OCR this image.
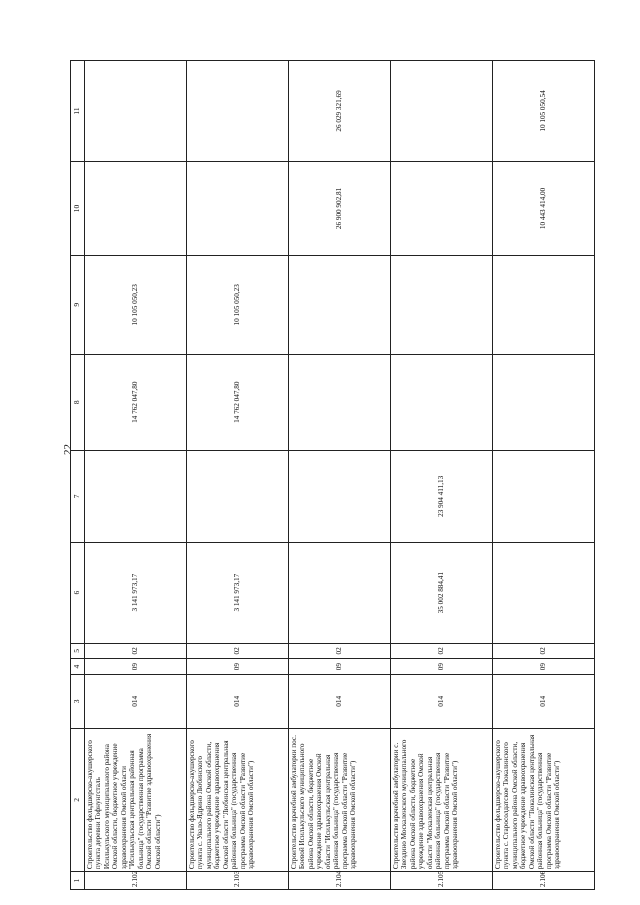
22
1	2	3	4	5	6	7	8	9	10	11
2.102	Строительство фельдшерско-акушерского пункта деревни Гофнунгсталь Исилькульского муниципального района Омской области, бюджетное учреждение здравоохранения Омской области "Исилькульская центральная районная больница" (государственная программа Омской области "Развитие здравоохранения Омской области")	014	09	02	3 141 973,17		14 762 047,80	10 105 050,23		
2.103	Строительство фельдшерско-акушерского пункта с. Увало-Ядрино Любинского муниципального района Омской области, бюджетное учреждение здравоохранения Омской области "Любинская центральная районная больница" (государственная программа Омской области "Развитие здравоохранения Омской области")	014	09	02	3 141 973,17		14 762 047,80	10 105 050,23		
2.104	Строительство врачебной амбулатории пос. Боевой Исилькульского муниципального района Омской области, бюджетное учреждение здравоохранения Омской области "Исилькульская центральная районная больница" (государственная программа Омской области "Развитие здравоохранения Омской области")	014	09	02					26 900 902,81	26 029 321,69
2.105	Строительство врачебной амбулатории с. Звездино Москаленского муниципального района Омской области, бюджетное учреждение здравоохранения Омской области "Москаленская центральная районная больница" (государственная программа Омской области "Развитие здравоохранения Омской области")	014	09	02	35 002 884,41	23 904 411,13				
2.106	Строительство фельдшерско-акушерского пункта с. Старосолдатское Тюкалинского муниципального района Омской области, бюджетное учреждение здравоохранения Омской области "Тюкалинская центральная районная больница" (государственная программа Омской области "Развитие здравоохранения Омской области")	014	09	02					10 443 414,00	10 105 050,54
